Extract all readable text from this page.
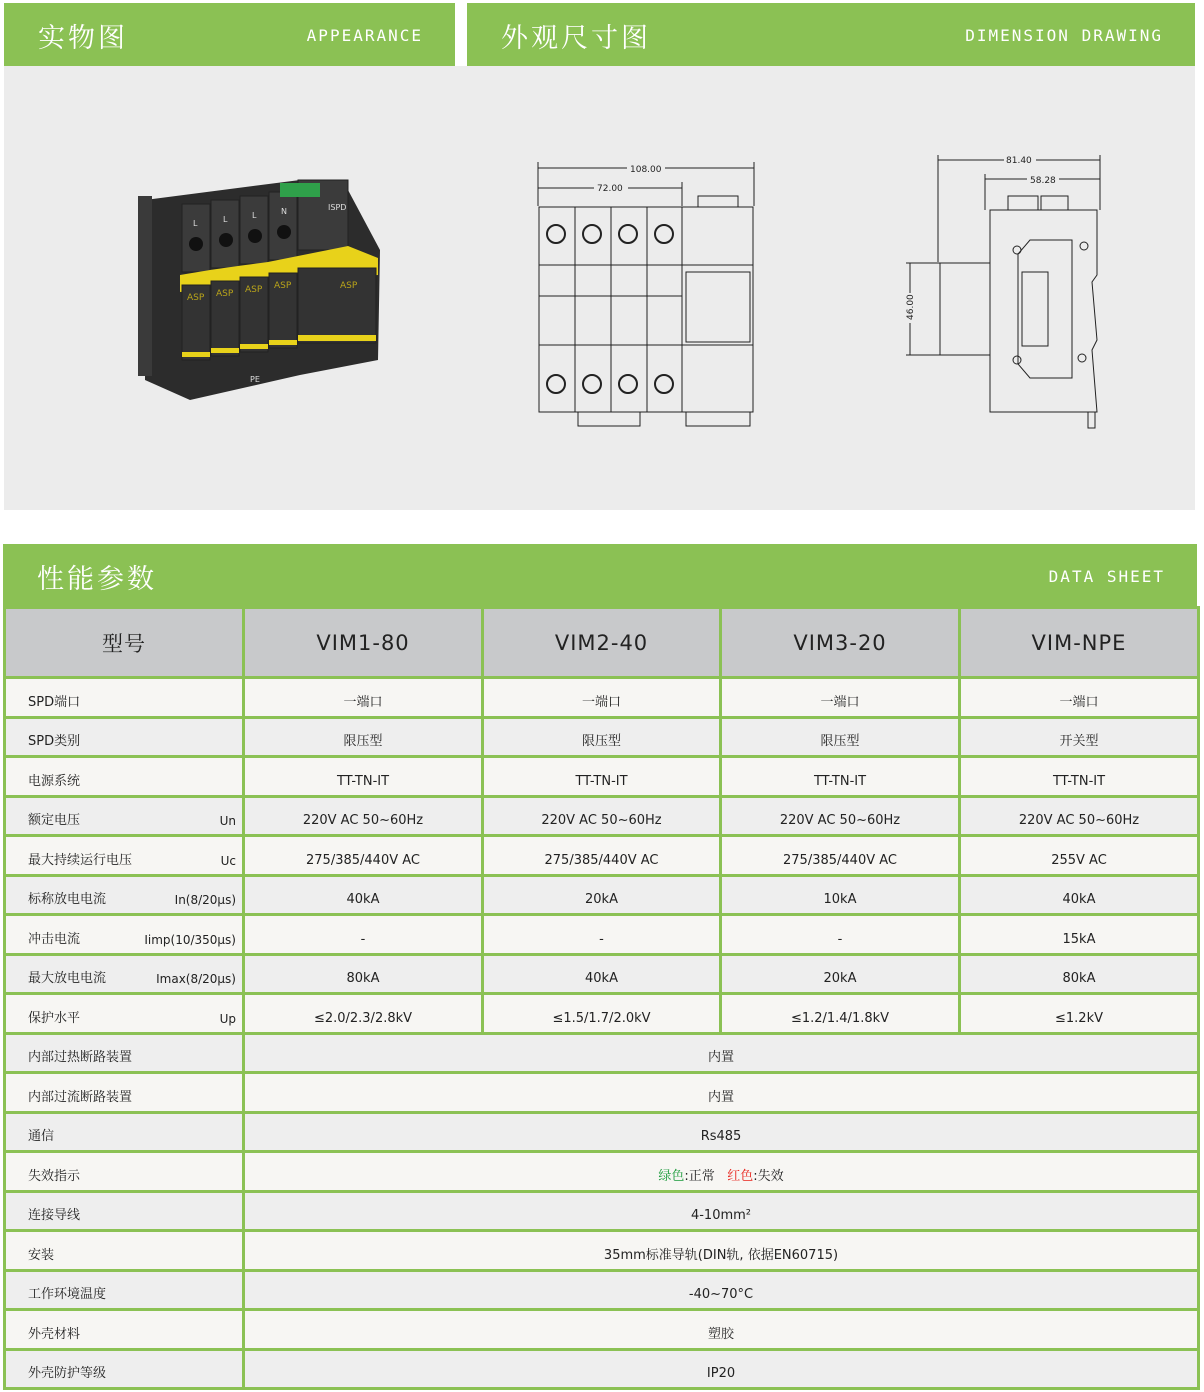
实物图	APPEARANCE	外观尺寸图	DIMENSION DRAWING
L	L	L	N
PE
ISPD
ASP ASP ASP ASP	ASP
108.00
72.00
81.40
58.28
46.00
性能参数	DATA SHEET
型号	VIM1-80	VIM2-40	VIM3-20	VIM-NPE
SPD端口	一端口	一端口	一端口	一端口
SPD类别	限压型	限压型	限压型	开关型
电源系统	TT-TN-IT	TT-TN-IT	TT-TN-IT	TT-TN-IT
额定电压 Un	220V AC 50~60Hz	220V AC 50~60Hz	220V AC 50~60Hz	220V AC 50~60Hz
最大持续运行电压 Uc	275/385/440V AC	275/385/440V AC	275/385/440V AC	255V AC
标称放电电流 In(8/20μs)	40kA	20kA	10kA	40kA
冲击电流 Iimp(10/350μs)	-	-	-	15kA
最大放电电流 Imax(8/20μs)	80kA	40kA	20kA	80kA
保护水平 Up	≤2.0/2.3/2.8kV	≤1.5/1.7/2.0kV	≤1.2/1.4/1.8kV	≤1.2kV
内部过热断路装置	内置			
内部过流断路装置	内置			
通信	Rs485			
失效指示	绿色:正常 红色:失效			
连接导线	4-10mm²			
安装	35mm标准导轨(DIN轨, 依据EN60715)			
工作环境温度	-40~70°C			
外壳材料	塑胶			
外壳防护等级	IP20			
